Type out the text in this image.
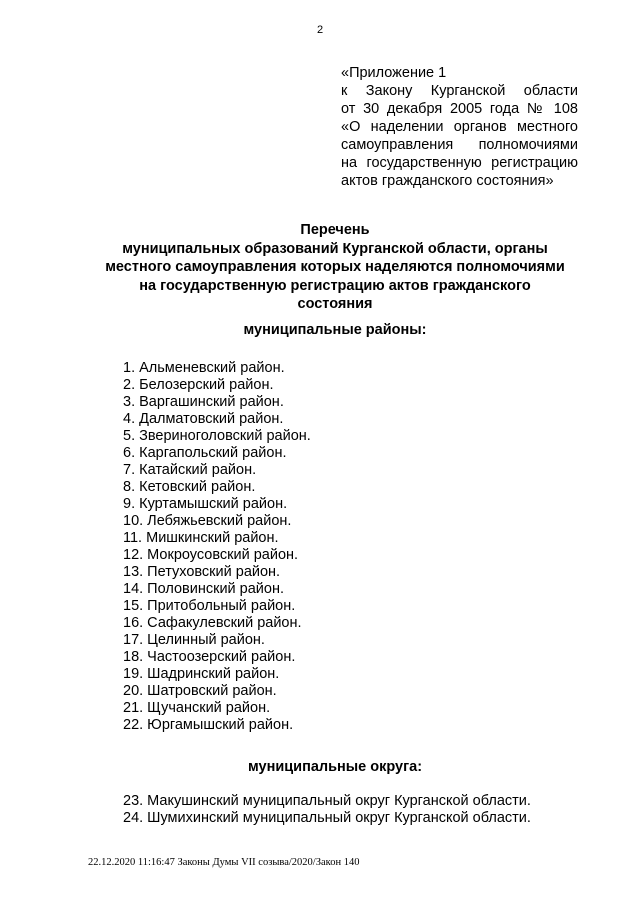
2
«Приложение 1
к Закону Курганской области
от 30 декабря 2005 года № 108
«О наделении органов местного
самоуправления полномочиями
на государственную регистрацию
актов гражданского состояния»
Перечень
муниципальных образований Курганской области, органы
местного самоуправления которых наделяются полномочиями
на государственную регистрацию актов гражданского
состояния
муниципальные районы:
1. Альменевский район.
2. Белозерский район.
3. Варгашинский район.
4. Далматовский район.
5. Звериноголовский район.
6. Каргапольский район.
7. Катайский район.
8. Кетовский район.
9. Куртамышский район.
10. Лебяжьевский район.
11. Мишкинский район.
12. Мокроусовский район.
13. Петуховский район.
14. Половинский район.
15. Притобольный район.
16. Сафакулевский район.
17. Целинный район.
18. Частоозерский район.
19. Шадринский район.
20. Шатровский район.
21. Щучанский район.
22. Юргамышский район.
муниципальные округа:
23. Макушинский муниципальный округ Курганской области.
24. Шумихинский муниципальный округ Курганской области.
22.12.2020 11:16:47 Законы Думы VII созыва/2020/Закон 140
